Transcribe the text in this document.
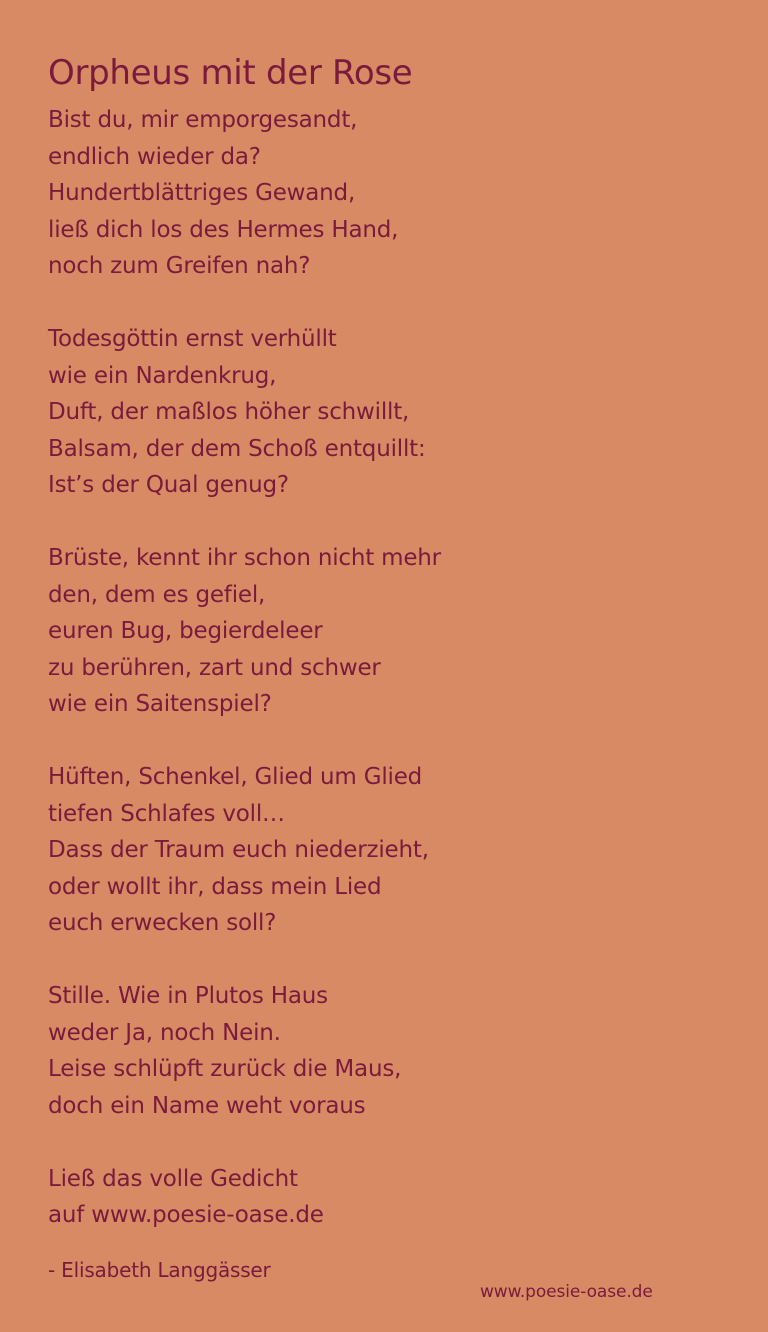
Orpheus mit der Rose
Bist du, mir emporgesandt,
endlich wieder da?
Hundertblättriges Gewand,
ließ dich los des Hermes Hand,
noch zum Greifen nah?
Todesgöttin ernst verhüllt
wie ein Nardenkrug,
Duft, der maßlos höher schwillt,
Balsam, der dem Schoß entquillt:
Ist’s der Qual genug?
Brüste, kennt ihr schon nicht mehr
den, dem es gefiel,
euren Bug, begierdeleer
zu berühren, zart und schwer
wie ein Saitenspiel?
Hüften, Schenkel, Glied um Glied
tiefen Schlafes voll…
Dass der Traum euch niederzieht,
oder wollt ihr, dass mein Lied
euch erwecken soll?
Stille. Wie in Plutos Haus
weder Ja, noch Nein.
Leise schlüpft zurück die Maus,
doch ein Name weht voraus
Ließ das volle Gedicht
auf www.poesie-oase.de
- Elisabeth Langgässer
www.poesie-oase.de
